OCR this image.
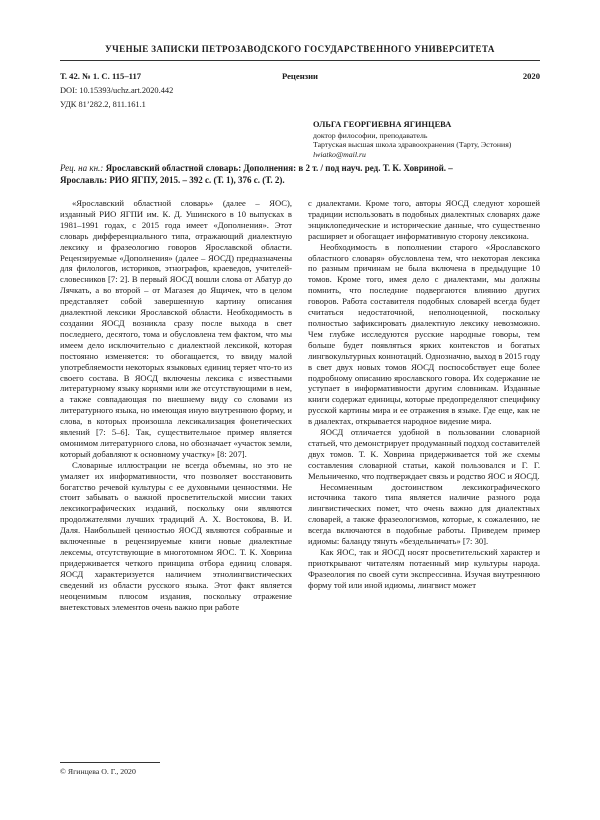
УЧЕНЫЕ ЗАПИСКИ ПЕТРОЗАВОДСКОГО ГОСУДАРСТВЕННОГО УНИВЕРСИТЕТА
Т. 42. № 1. С. 115–117	Рецензии	2020
DOI: 10.15393/uchz.art.2020.442
УДК 81’282.2, 811.161.1
ОЛЬГА ГЕОРГИЕВНА ЯГИНЦЕВА
доктор философии, преподаватель
Тартуская высшая школа здравоохранения (Тарту, Эстония)
lwiatko@mail.ru
Рец. на кн.: Ярославский областной словарь: Дополнения: в 2 т. / под науч. ред. Т. К. Ховриной. –
Ярославль: РИО ЯГПУ, 2015. – 392 с. (Т. 1), 376 с. (Т. 2).

«Ярославский областной словарь» (далее – ЯОС), изданный РИО ЯГПИ им. К. Д. Ушинского в 10 выпусках в 1981–1991 годах, с 2015 года имеет «Дополнения». Этот словарь дифференциального типа, отражающий диалектную лексику и фразеологию говоров Ярославской области. Рецензируемые «Дополнения» (далее – ЯОСД) предназначены для филологов, историков, этнографов, краеведов, учителей-словесников [7: 2]. В первый ЯОСД вошли слова от Абатур до Лячкать, а во второй – от Магазея до Ящичек, что в целом представляет собой завершенную картину описания диалектной лексики Ярославской области. Необходимость в создании ЯОСД возникла сразу после выхода в свет последнего, десятого, тома и обусловлена тем фактом, что мы имеем дело исключительно с диалектной лексикой, которая постоянно изменяется: то обогащается, то ввиду малой употребляемости некоторых языковых единиц теряет что-то из своего состава. В ЯОСД включены лексика с известными литературному языку корнями или же отсутствующими в нем, а также совпадающая по внешнему виду со словами из литературного языка, но имеющая иную внутреннюю форму, и слова, в которых произошла лексикализация фонетических явлений [7: 5–6]. Так, существительное пример является омонимом литературного слова, но обозначает «участок земли, который добавляют к основному участку» [8: 207].

Словарные иллюстрации не всегда объемны, но это не умаляет их информативности, что позволяет восстановить богатство речевой культуры с ее духовными ценностями. Не стоит забывать о важной просветительской миссии таких лексикографических изданий, поскольку они являются продолжателями лучших традиций А. Х. Востокова, В. И. Даля. Наибольшей ценностью ЯОСД являются собранные и включенные в рецензируемые книги новые диалектные лексемы, отсутствующие в многотомном ЯОС. Т. К. Ховрина придерживается четкого принципа отбора единиц словаря. ЯОСД характеризуется наличием этнолингвистических сведений из области русского языка. Этот факт является неоценимым плюсом издания, поскольку отражение внетекстовых элементов очень важно при работе

с диалектами. Кроме того, авторы ЯОСД следуют хорошей традиции использовать в подобных диалектных словарях даже энциклопедические и исторические данные, что существенно расширяет и обогащает информативную сторону лексикона.

Необходимость в пополнении старого «Ярославского областного словаря» обусловлена тем, что некоторая лексика по разным причинам не была включена в предыдущие 10 томов. Кроме того, имея дело с диалектами, мы должны помнить, что последние подвергаются влиянию других говоров. Работа составителя подобных словарей всегда будет считаться недостаточной, неполноценной, поскольку полностью зафиксировать диалектную лексику невозможно. Чем глубже исследуются русские народные говоры, тем больше будет появляться ярких контекстов и богатых лингвокультурных коннотаций. Однозначно, выход в 2015 году в свет двух новых томов ЯОСД поспособствует еще более подробному описанию ярославского говора. Их содержание не уступает в информативности другим словникам. Изданные книги содержат единицы, которые предопределяют специфику русской картины мира и ее отражения в языке. Где еще, как не в диалектах, открывается народное видение мира.

ЯОСД отличается удобной в пользовании словарной статьей, что демонстрирует продуманный подход составителей двух томов. Т. К. Ховрина придерживается той же схемы составления словарной статьи, какой пользовался и Г. Г. Мельниченко, что подтверждает связь и родство ЯОС и ЯОСД.

Несомненным достоинством лексикографического источника такого типа является наличие разного рода лингвистических помет, что очень важно для диалектных словарей, а также фразеологизмов, которые, к сожалению, не всегда включаются в подобные работы. Приведем пример идиомы: баланду тянуть «бездельничать» [7: 30].

Как ЯОС, так и ЯОСД носят просветительский характер и приоткрывают читателям потаенный мир культуры народа. Фразеология по своей сути экспрессивна. Изучая внутреннюю форму той или иной идиомы, лингвист может

© Ягинцева О. Г., 2020
